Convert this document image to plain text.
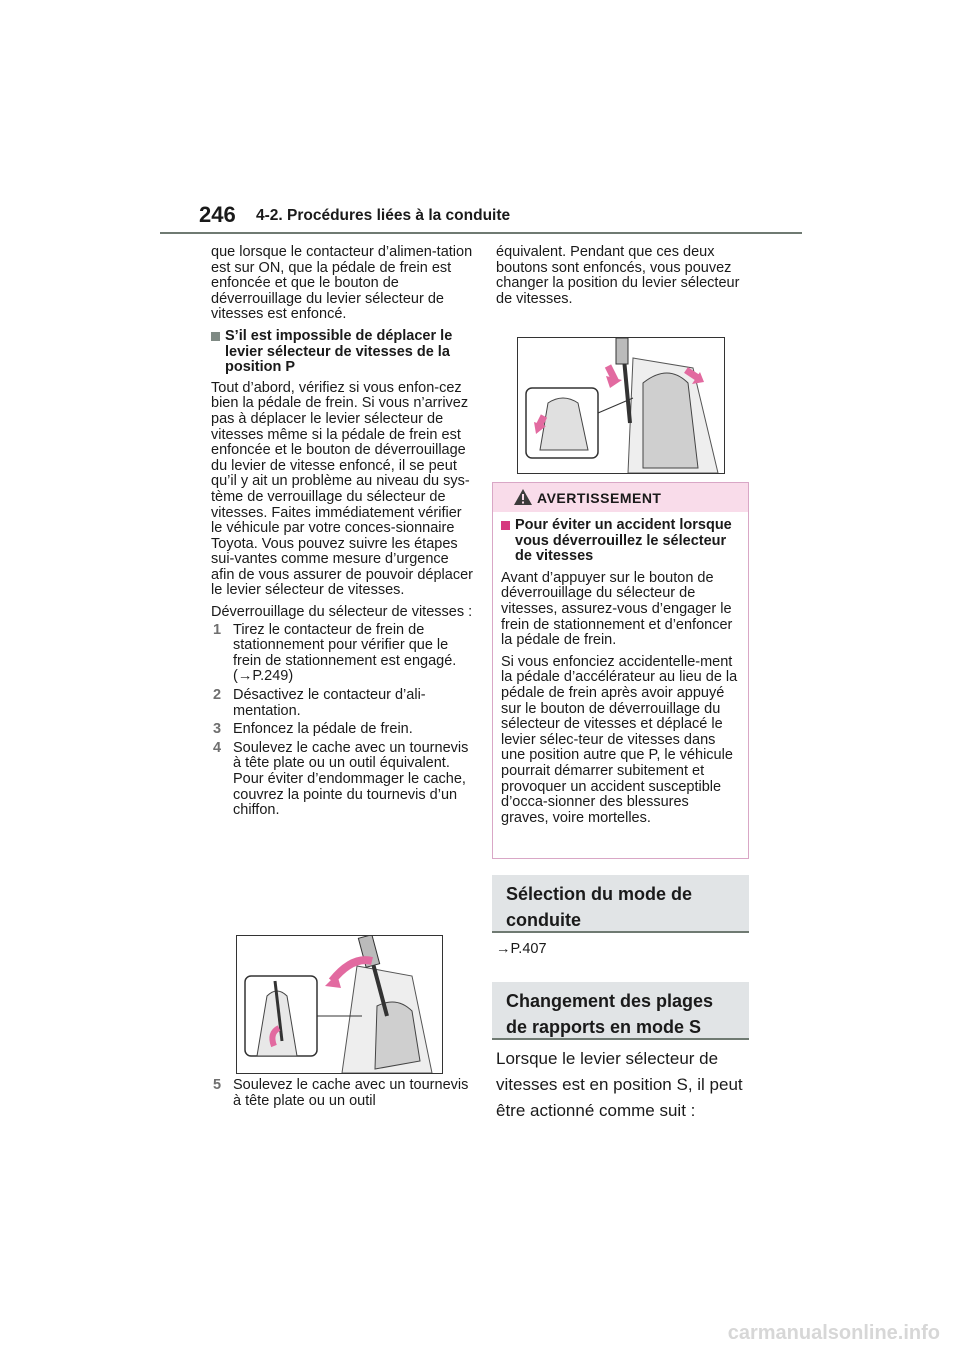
246 4-2. Procédures liées à la conduite

que lorsque le contacteur d’alimen-tation est sur ON, que la pédale de frein est enfoncée et que le bouton de déverrouillage du levier sélecteur de vitesses est enfoncé.

S’il est impossible de déplacer le levier sélecteur de vitesses de la position P

Tout d’abord, vérifiez si vous enfon-cez bien la pédale de frein. Si vous n’arrivez pas à déplacer le levier sélecteur de vitesses même si la pédale de frein est enfoncée et le bouton de déverrouillage du levier de vitesse enfoncé, il se peut qu’il y ait un problème au niveau du sys-tème de verrouillage du sélecteur de vitesses. Faites immédiatement vérifier le véhicule par votre conces-sionnaire Toyota. Vous pouvez suivre les étapes sui-vantes comme mesure d’urgence afin de vous assurer de pouvoir déplacer le levier sélecteur de vitesses.

Déverrouillage du sélecteur de vitesses :

1 Tirez le contacteur de frein de stationnement pour vérifier que le frein de stationnement est engagé. (→P.249)
2 Désactivez le contacteur d’ali-mentation.
3 Enfoncez la pédale de frein.
4 Soulevez le cache avec un tournevis à tête plate ou un outil équivalent. Pour éviter d’endommager le cache, couvrez la pointe du tournevis d’un chiffon.
5 Soulevez le cache avec un tournevis à tête plate ou un outil

équivalent. Pendant que ces deux boutons sont enfoncés, vous pouvez changer la position du levier sélecteur de vitesses.

AVERTISSEMENT
Pour éviter un accident lorsque vous déverrouillez le sélecteur de vitesses

Avant d’appuyer sur le bouton de déverrouillage du sélecteur de vitesses, assurez-vous d’engager le frein de stationnement et d’enfoncer la pédale de frein.

Si vous enfonciez accidentelle-ment la pédale d’accélérateur au lieu de la pédale de frein après avoir appuyé sur le bouton de déverrouillage du sélecteur de vitesses et déplacé le levier sélec-teur de vitesses dans une position autre que P, le véhicule pourrait démarrer subitement et provoquer un accident susceptible d’occa-sionner des blessures graves, voire mortelles.

Sélection du mode de conduite
→P.407
Changement des plages de rapports en mode S
Lorsque le levier sélecteur de vitesses est en position S, il peut être actionné comme suit :
carmanualsonline.info
